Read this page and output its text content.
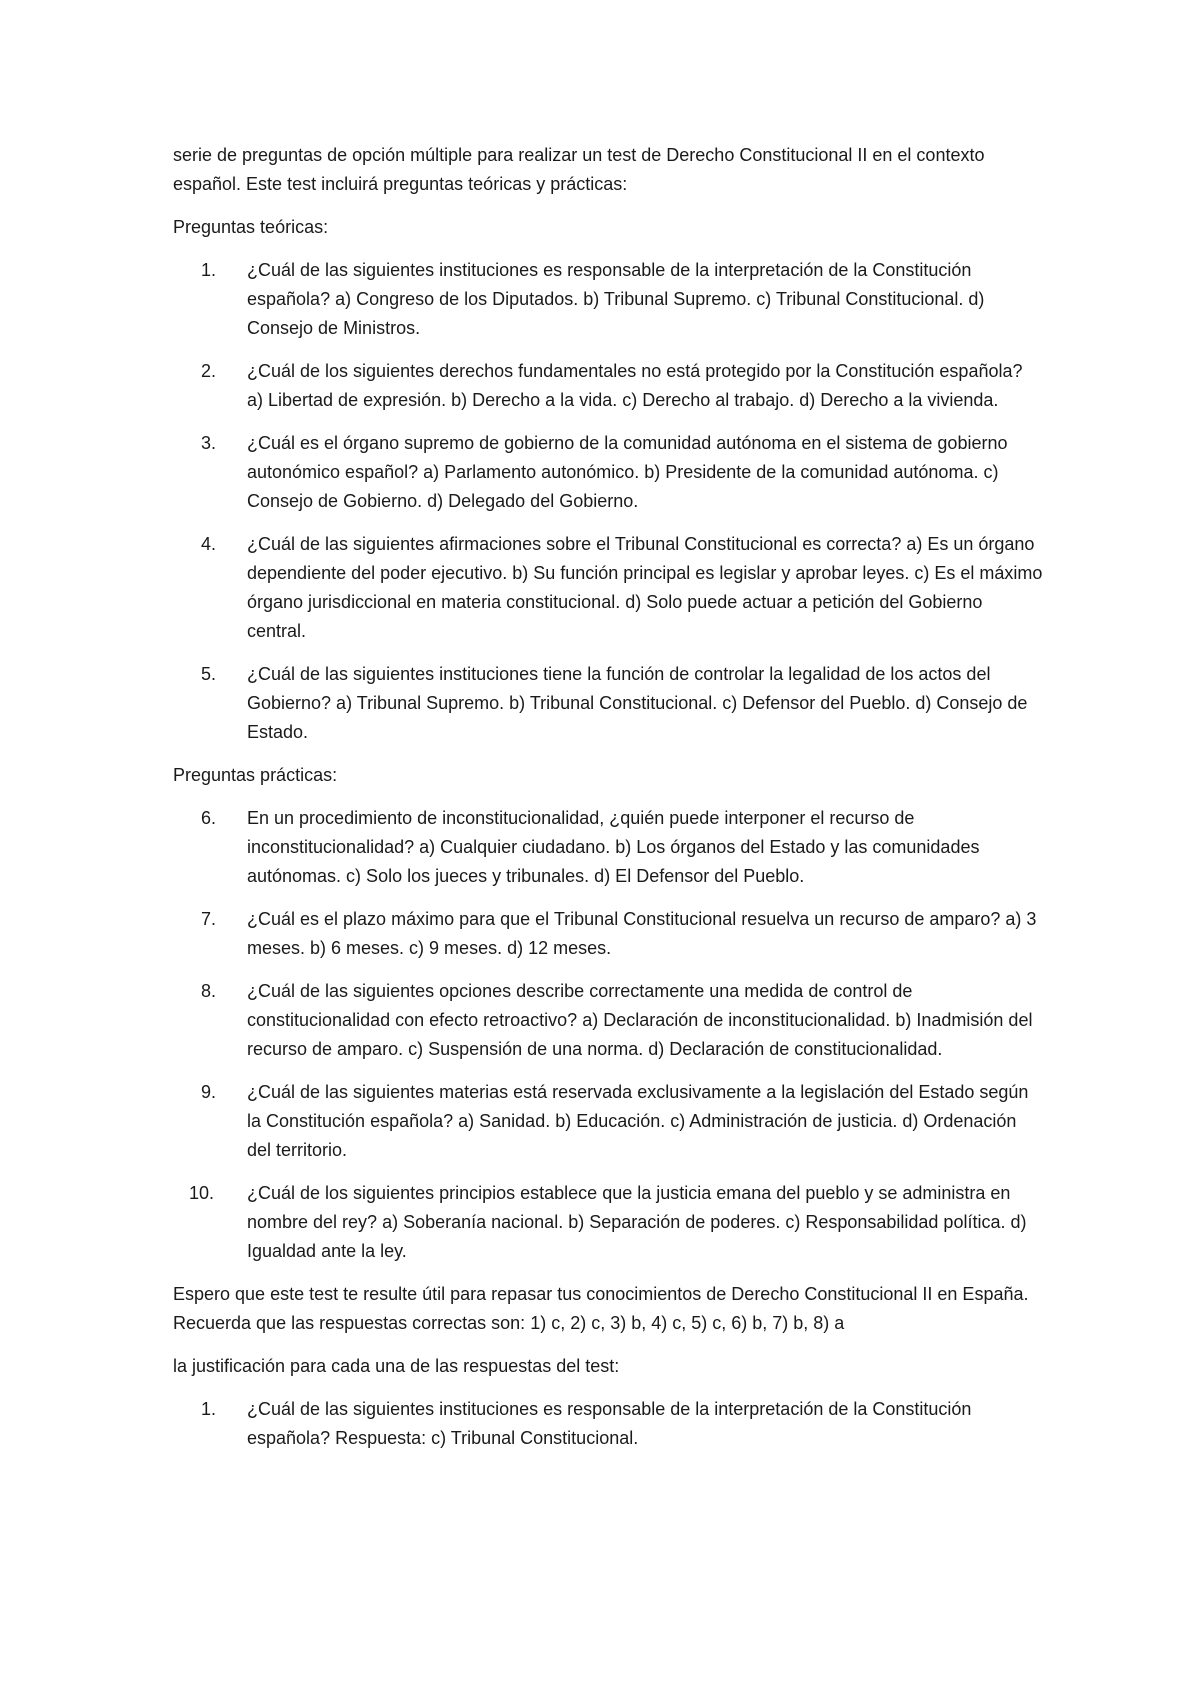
serie de preguntas de opción múltiple para realizar un test de Derecho Constitucional II en el contexto español. Este test incluirá preguntas teóricas y prácticas:

Preguntas teóricas:

1.	¿Cuál de las siguientes instituciones es responsable de la interpretación de la Constitución española? a) Congreso de los Diputados. b) Tribunal Supremo. c) Tribunal Constitucional. d) Consejo de Ministros.
2.	¿Cuál de los siguientes derechos fundamentales no está protegido por la Constitución española? a) Libertad de expresión. b) Derecho a la vida. c) Derecho al trabajo. d) Derecho a la vivienda.
3.	¿Cuál es el órgano supremo de gobierno de la comunidad autónoma en el sistema de gobierno autonómico español? a) Parlamento autonómico. b) Presidente de la comunidad autónoma. c) Consejo de Gobierno. d) Delegado del Gobierno.
4.	¿Cuál de las siguientes afirmaciones sobre el Tribunal Constitucional es correcta? a) Es un órgano dependiente del poder ejecutivo. b) Su función principal es legislar y aprobar leyes. c) Es el máximo órgano jurisdiccional en materia constitucional. d) Solo puede actuar a petición del Gobierno central.
5.	¿Cuál de las siguientes instituciones tiene la función de controlar la legalidad de los actos del Gobierno? a) Tribunal Supremo. b) Tribunal Constitucional. c) Defensor del Pueblo. d) Consejo de Estado.

Preguntas prácticas:

6.	En un procedimiento de inconstitucionalidad, ¿quién puede interponer el recurso de inconstitucionalidad? a) Cualquier ciudadano. b) Los órganos del Estado y las comunidades autónomas. c) Solo los jueces y tribunales. d) El Defensor del Pueblo.
7.	¿Cuál es el plazo máximo para que el Tribunal Constitucional resuelva un recurso de amparo? a) 3 meses. b) 6 meses. c) 9 meses. d) 12 meses.
8.	¿Cuál de las siguientes opciones describe correctamente una medida de control de constitucionalidad con efecto retroactivo? a) Declaración de inconstitucionalidad. b) Inadmisión del recurso de amparo. c) Suspensión de una norma. d) Declaración de constitucionalidad.
9.	¿Cuál de las siguientes materias está reservada exclusivamente a la legislación del Estado según la Constitución española? a) Sanidad. b) Educación. c) Administración de justicia. d) Ordenación del territorio.
10.	¿Cuál de los siguientes principios establece que la justicia emana del pueblo y se administra en nombre del rey? a) Soberanía nacional. b) Separación de poderes. c) Responsabilidad política. d) Igualdad ante la ley.

Espero que este test te resulte útil para repasar tus conocimientos de Derecho Constitucional II en España. Recuerda que las respuestas correctas son: 1) c, 2) c, 3) b, 4) c, 5) c, 6) b, 7) b, 8) a

la justificación para cada una de las respuestas del test:

1.	¿Cuál de las siguientes instituciones es responsable de la interpretación de la Constitución española? Respuesta: c) Tribunal Constitucional.
